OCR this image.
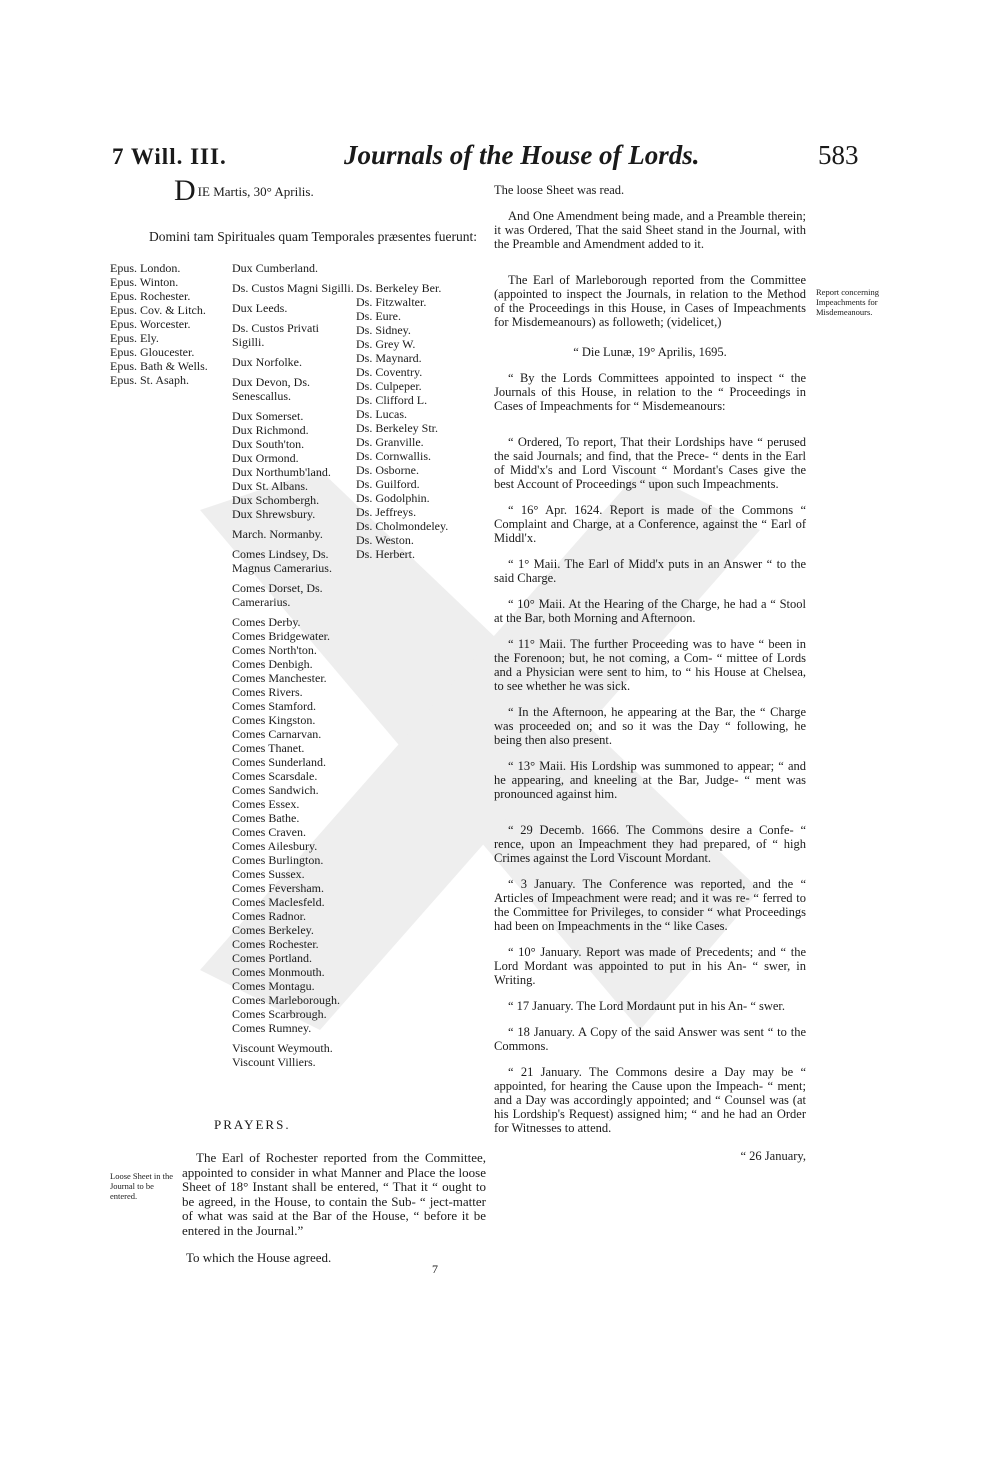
7 Will. III.	Journals of the House of Lords.	583
DIE Martis, 30° Aprilis.
Domini tam Spirituales quam Temporales præsentes fuerunt:
Epus. London.
Epus. Winton.
Epus. Rochester.
Epus. Cov. & Litch.
Epus. Worcester.
Epus. Ely.
Epus. Gloucester.
Epus. Bath & Wells.
Epus. St. Asaph.
Dux Cumberland.
Ds. Custos Magni Sigilli.
Dux Leeds.
Ds. Custos Privati Sigilli.
Dux Norfolke.
Dux Devon, Ds. Senescallus.
Dux Somerset.
Dux Richmond.
Dux South'ton.
Dux Ormond.
Dux Northumb'land.
Dux St. Albans.
Dux Schombergh.
Dux Shrewsbury.
March. Normanby.
Comes Lindsey, Ds. Magnus Camerarius.
Comes Dorset, Ds. Camerarius.
Comes Derby.
Comes Bridgewater.
Comes North'ton.
Comes Denbigh.
Comes Manchester.
Comes Rivers.
Comes Stamford.
Comes Kingston.
Comes Carnarvan.
Comes Thanet.
Comes Sunderland.
Comes Scarsdale.
Comes Sandwich.
Comes Essex.
Comes Bathe.
Comes Craven.
Comes Ailesbury.
Comes Burlington.
Comes Sussex.
Comes Feversham.
Comes Maclesfeld.
Comes Radnor.
Comes Berkeley.
Comes Rochester.
Comes Portland.
Comes Monmouth.
Comes Montagu.
Comes Marleborough.
Comes Scarbrough.
Comes Rumney.
Viscount Weymouth.
Viscount Villiers.
Ds. Berkeley Ber.
Ds. Fitzwalter.
Ds. Eure.
Ds. Sidney.
Ds. Grey W.
Ds. Maynard.
Ds. Coventry.
Ds. Culpeper.
Ds. Clifford L.
Ds. Lucas.
Ds. Berkeley Str.
Ds. Granville.
Ds. Cornwallis.
Ds. Osborne.
Ds. Guilford.
Ds. Godolphin.
Ds. Jeffreys.
Ds. Cholmondeley.
Ds. Weston.
Ds. Herbert.
PRAYERS.
Loose Sheet in the Journal to be entered.
The Earl of Rochester reported from the Committee, appointed to consider in what Manner and Place the loose Sheet of 18° Instant shall be entered, “ That it “ ought to be agreed, in the House, to contain the Sub- “ ject-matter of what was said at the Bar of the House, “ before it be entered in the Journal.”
To which the House agreed.
7
Report concerning Impeachments for Misdemeanours.
The loose Sheet was read.
And One Amendment being made, and a Preamble therein; it was Ordered, That the said Sheet stand in the Journal, with the Preamble and Amendment added to it.
The Earl of Marleborough reported from the Committee (appointed to inspect the Journals, in relation to the Method of the Proceedings in this House, in Cases of Impeachments for Misdemeanours) as followeth; (videlicet,)
“ Die Lunæ, 19° Aprilis, 1695.
“ By the Lords Committees appointed to inspect “ the Journals of this House, in relation to the “ Proceedings in Cases of Impeachments for “ Misdemeanours:
“ Ordered, To report, That their Lordships have “ perused the said Journals; and find, that the Prece- “ dents in the Earl of Midd'x's and Lord Viscount “ Mordant's Cases give the best Account of Proceedings “ upon such Impeachments.
“ 16° Apr. 1624. Report is made of the Commons “ Complaint and Charge, at a Conference, against the “ Earl of Middl'x.
“ 1° Maii. The Earl of Midd'x puts in an Answer “ to the said Charge.
“ 10° Maii. At the Hearing of the Charge, he had a “ Stool at the Bar, both Morning and Afternoon.
“ 11° Maii. The further Proceeding was to have “ been in the Forenoon; but, he not coming, a Com- “ mittee of Lords and a Physician were sent to him, to “ his House at Chelsea, to see whether he was sick.
“ In the Afternoon, he appearing at the Bar, the “ Charge was proceeded on; and so it was the Day “ following, he being then also present.
“ 13° Maii. His Lordship was summoned to appear; “ and he appearing, and kneeling at the Bar, Judge- “ ment was pronounced against him.
“ 29 Decemb. 1666. The Commons desire a Confe- “ rence, upon an Impeachment they had prepared, of “ high Crimes against the Lord Viscount Mordant.
“ 3 January. The Conference was reported, and the “ Articles of Impeachment were read; and it was re- “ ferred to the Committee for Privileges, to consider “ what Proceedings had been on Impeachments in the “ like Cases.
“ 10° January. Report was made of Precedents; and “ the Lord Mordant was appointed to put in his An- “ swer, in Writing.
“ 17 January. The Lord Mordaunt put in his An- “ swer.
“ 18 January. A Copy of the said Answer was sent “ to the Commons.
“ 21 January. The Commons desire a Day may be “ appointed, for hearing the Cause upon the Impeach- “ ment; and a Day was accordingly appointed; and “ Counsel was (at his Lordship's Request) assigned him; “ and he had an Order for Witnesses to attend.
“ 26 January,
